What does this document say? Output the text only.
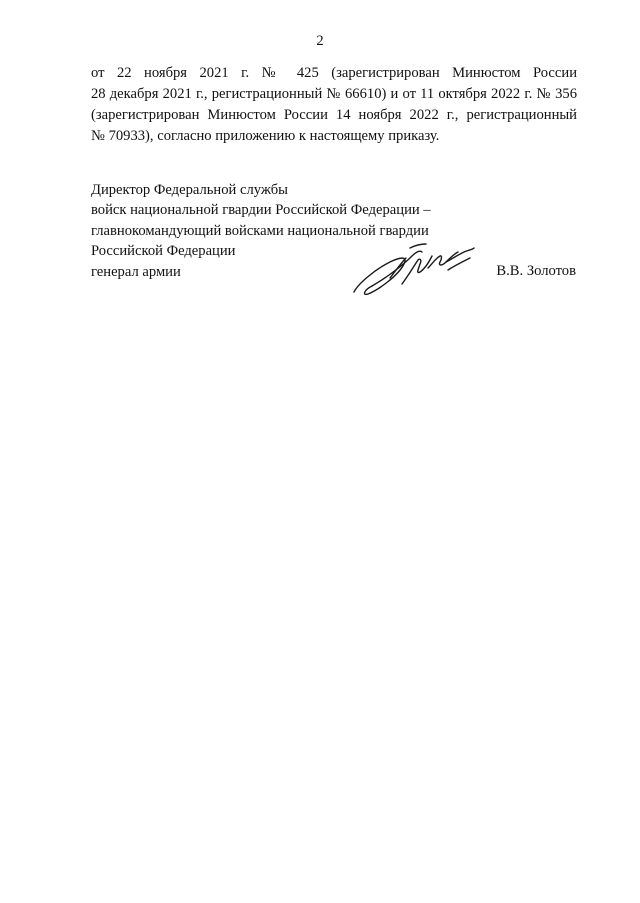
2
от 22 ноября 2021 г. № 425 (зарегистрирован Минюстом России
28 декабря 2021 г., регистрационный № 66610) и от 11 октября 2022 г. № 356
(зарегистрирован Минюстом России 14 ноября 2022 г., регистрационный
№ 70933), согласно приложению к настоящему приказу.
Директор Федеральной службы
войск национальной гвардии Российской Федерации –
главнокомандующий войсками национальной гвардии
Российской Федерации
генерал армии	В.В. Золотов
